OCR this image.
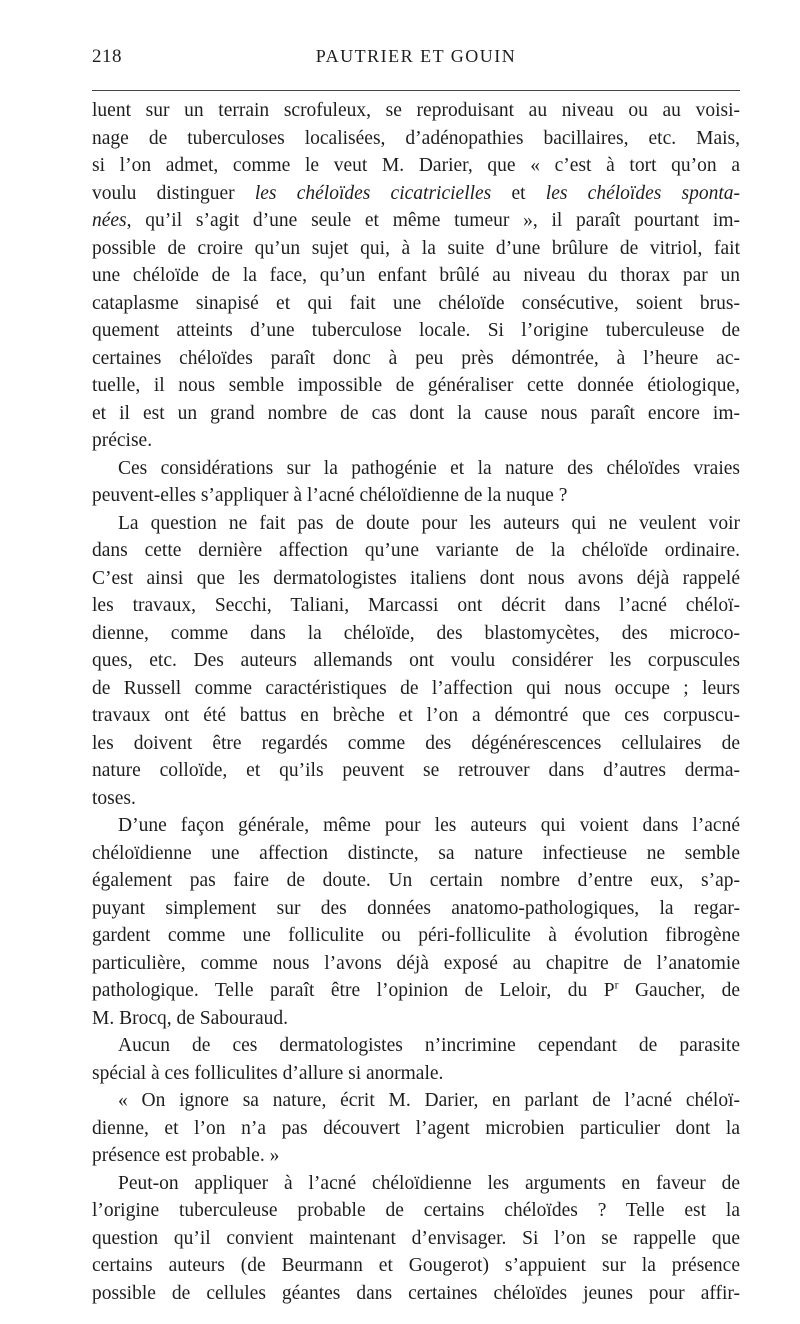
218	PAUTRIER ET GOUIN
luent sur un terrain scrofuleux, se reproduisant au niveau ou au voisi-
nage de tuberculoses localisées, d’adénopathies bacillaires, etc. Mais,
si l’on admet, comme le veut M. Darier, que « c’est à tort qu’on a
voulu distinguer les chéloïdes cicatricielles et les chéloïdes sponta-
nées, qu’il s’agit d’une seule et même tumeur », il paraît pourtant im-
possible de croire qu’un sujet qui, à la suite d’une brûlure de vitriol, fait
une chéloïde de la face, qu’un enfant brûlé au niveau du thorax par un
cataplasme sinapisé et qui fait une chéloïde consécutive, soient brus-
quement atteints d’une tuberculose locale. Si l’origine tuberculeuse de
certaines chéloïdes paraît donc à peu près démontrée, à l’heure ac-
tuelle, il nous semble impossible de généraliser cette donnée étiologique,
et il est un grand nombre de cas dont la cause nous paraît encore im-
précise.
Ces considérations sur la pathogénie et la nature des chéloïdes vraies
peuvent-elles s’appliquer à l’acné chéloïdienne de la nuque ?
La question ne fait pas de doute pour les auteurs qui ne veulent voir
dans cette dernière affection qu’une variante de la chéloïde ordinaire.
C’est ainsi que les dermatologistes italiens dont nous avons déjà rappelé
les travaux, Secchi, Taliani, Marcassi ont décrit dans l’acné chéloï-
dienne, comme dans la chéloïde, des blastomycètes, des microco-
ques, etc. Des auteurs allemands ont voulu considérer les corpuscules
de Russell comme caractéristiques de l’affection qui nous occupe ; leurs
travaux ont été battus en brèche et l’on a démontré que ces corpuscu-
les doivent être regardés comme des dégénérescences cellulaires de
nature colloïde, et qu’ils peuvent se retrouver dans d’autres derma-
toses.
D’une façon générale, même pour les auteurs qui voient dans l’acné
chéloïdienne une affection distincte, sa nature infectieuse ne semble
également pas faire de doute. Un certain nombre d’entre eux, s’ap-
puyant simplement sur des données anatomo-pathologiques, la regar-
gardent comme une folliculite ou péri-folliculite à évolution fibrogène
particulière, comme nous l’avons déjà exposé au chapitre de l’anatomie
pathologique. Telle paraît être l’opinion de Leloir, du $P^r$ Gaucher, de
M. Brocq, de Sabouraud.
Aucun de ces dermatologistes n’incrimine cependant de parasite
spécial à ces folliculites d’allure si anormale.
« On ignore sa nature, écrit M. Darier, en parlant de l’acné chéloï-
dienne, et l’on n’a pas découvert l’agent microbien particulier dont la
présence est probable. »
Peut-on appliquer à l’acné chéloïdienne les arguments en faveur de
l’origine tuberculeuse probable de certains chéloïdes ? Telle est la
question qu’il convient maintenant d’envisager. Si l’on se rappelle que
certains auteurs (de Beurmann et Gougerot) s’appuient sur la présence
possible de cellules géantes dans certaines chéloïdes jeunes pour affir-
